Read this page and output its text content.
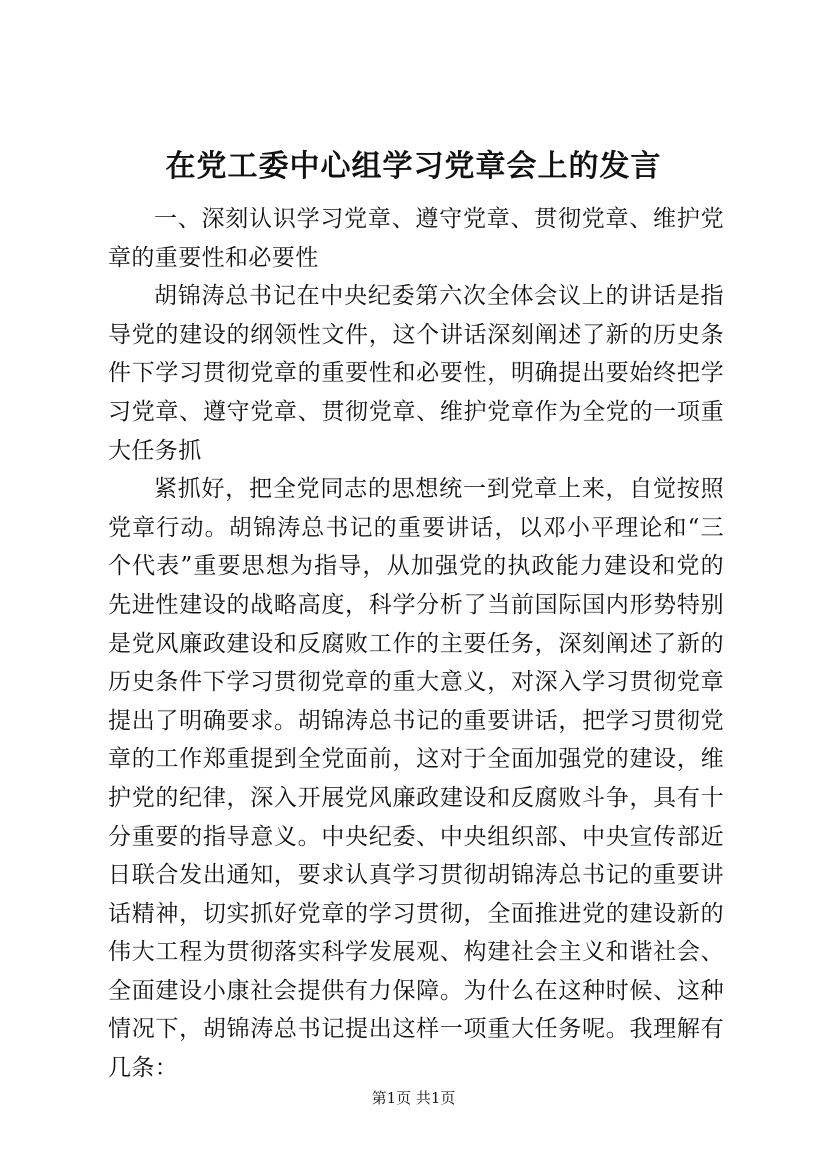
在党工委中心组学习党章会上的发言

一、深刻认识学习党章、遵守党章、贯彻党章、维护党章的重要性和必要性

胡锦涛总书记在中央纪委第六次全体会议上的讲话是指导党的建设的纲领性文件，这个讲话深刻阐述了新的历史条件下学习贯彻党章的重要性和必要性，明确提出要始终把学习党章、遵守党章、贯彻党章、维护党章作为全党的一项重大任务抓

紧抓好，把全党同志的思想统一到党章上来，自觉按照党章行动。胡锦涛总书记的重要讲话，以邓小平理论和“三个代表”重要思想为指导，从加强党的执政能力建设和党的先进性建设的战略高度，科学分析了当前国际国内形势特别是党风廉政建设和反腐败工作的主要任务，深刻阐述了新的历史条件下学习贯彻党章的重大意义，对深入学习贯彻党章提出了明确要求。胡锦涛总书记的重要讲话，把学习贯彻党章的工作郑重提到全党面前，这对于全面加强党的建设，维护党的纪律，深入开展党风廉政建设和反腐败斗争，具有十分重要的指导意义。中央纪委、中央组织部、中央宣传部近日联合发出通知，要求认真学习贯彻胡锦涛总书记的重要讲话精神，切实抓好党章的学习贯彻，全面推进党的建设新的伟大工程为贯彻落实科学发展观、构建社会主义和谐社会、全面建设小康社会提供有力保障。为什么在这种时候、这种情况下，胡锦涛总书记提出这样一项重大任务呢。我理解有几条：

第1页 共1页
